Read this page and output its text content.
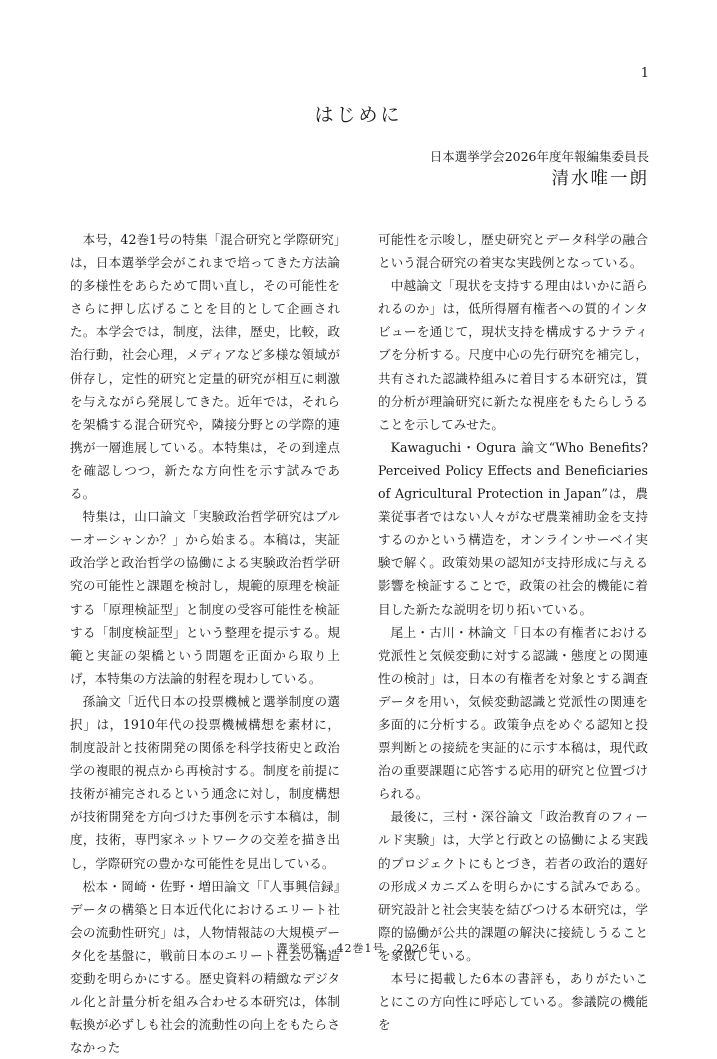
1
はじめに
日本選挙学会2026年度年報編集委員長
清水唯一朗

本号，42巻1号の特集「混合研究と学際研究」は，日本選挙学会がこれまで培ってきた方法論的多様性をあらためて問い直し，その可能性をさらに押し広げることを目的として企画された。本学会では，制度，法律，歴史，比較，政治行動，社会心理，メディアなど多様な領域が併存し，定性的研究と定量的研究が相互に刺激を与えながら発展してきた。近年では，それらを架橋する混合研究や，隣接分野との学際的連携が一層進展している。本特集は，その到達点を確認しつつ，新たな方向性を示す試みである。

特集は，山口論文「実験政治哲学研究はブルーオーシャンか？」から始まる。本稿は，実証政治学と政治哲学の協働による実験政治哲学研究の可能性と課題を検討し，規範的原理を検証する「原理検証型」と制度の受容可能性を検証する「制度検証型」という整理を提示する。規範と実証の架橋という問題を正面から取り上げ，本特集の方法論的射程を現わしている。

孫論文「近代日本の投票機械と選挙制度の選択」は，1910年代の投票機械構想を素材に，制度設計と技術開発の関係を科学技術史と政治学の複眼的視点から再検討する。制度を前提に技術が補完されるという通念に対し，制度構想が技術開発を方向づけた事例を示す本稿は，制度，技術，専門家ネットワークの交差を描き出し，学際研究の豊かな可能性を見出している。

松本・岡崎・佐野・増田論文「『人事興信録』データの構築と日本近代化におけるエリート社会の流動性研究」は，人物情報誌の大規模データ化を基盤に，戦前日本のエリート社会の構造変動を明らかにする。歴史資料の精緻なデジタル化と計量分析を組み合わせる本研究は，体制転換が必ずしも社会的流動性の向上をもたらさなかった

可能性を示唆し，歴史研究とデータ科学の融合という混合研究の着実な実践例となっている。

中越論文「現状を支持する理由はいかに語られるのか」は，低所得層有権者への質的インタビューを通じて，現状支持を構成するナラティブを分析する。尺度中心の先行研究を補完し，共有された認識枠組みに着目する本研究は，質的分析が理論研究に新たな視座をもたらしうることを示してみせた。

Kawaguchi・Ogura 論文“Who Benefits? Perceived Policy Effects and Beneficiaries of Agricultural Protection in Japan”は，農業従事者ではない人々がなぜ農業補助金を支持するのかという構造を，オンラインサーベイ実験で解く。政策効果の認知が支持形成に与える影響を検証することで，政策の社会的機能に着目した新たな説明を切り拓いている。

尾上・古川・林論文「日本の有権者における党派性と気候変動に対する認識・態度との関連性の検討」は，日本の有権者を対象とする調査データを用い，気候変動認識と党派性の関連を多面的に分析する。政策争点をめぐる認知と投票判断との接続を実証的に示す本稿は，現代政治の重要課題に応答する応用的研究と位置づけられる。

最後に，三村・深谷論文「政治教育のフィールド実験」は，大学と行政との協働による実践的プロジェクトにもとづき，若者の政治的選好の形成メカニズムを明らかにする試みである。研究設計と社会実装を結びつける本研究は，学際的協働が公共的課題の解決に接続しうることを象徴している。

本号に掲載した6本の書評も，ありがたいことにこの方向性に呼応している。参議院の機能を

選挙研究　42巻1号　2026年
